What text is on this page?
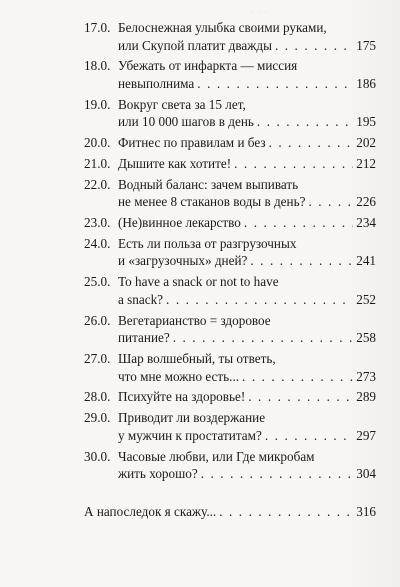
· · ·
17.0. Белоснежная улыбка своими руками,
или Скупой платит дважды . . .	175
18.0. Убежать от инфаркта — миссия
невыполнима . . .	186
19.0. Вокруг света за 15 лет,
или 10 000 шагов в день . . .	195
20.0. Фитнес по правилам и без . . .	202
21.0. Дышите как хотите! . . .	212
22.0. Водный баланс: зачем выпивать
не менее 8 стаканов воды в день? . . .	226
23.0. (Не)винное лекарство . . .	234
24.0. Есть ли польза от разгрузочных
и «загрузочных» дней? . . .	241
25.0. To have a snack or not to have
a snack? . . .	252
26.0. Вегетарианство = здоровое
питание? . . .	258
27.0. Шар волшебный, ты ответь,
что мне можно есть... . . .	273
28.0. Психуйте на здоровье! . . .	289
29.0. Приводит ли воздержание
у мужчин к простатитам? . . .	297
30.0. Часовые любви, или Где микробам
жить хорошо? . . .	304
А напоследок я скажу... . . .	316
